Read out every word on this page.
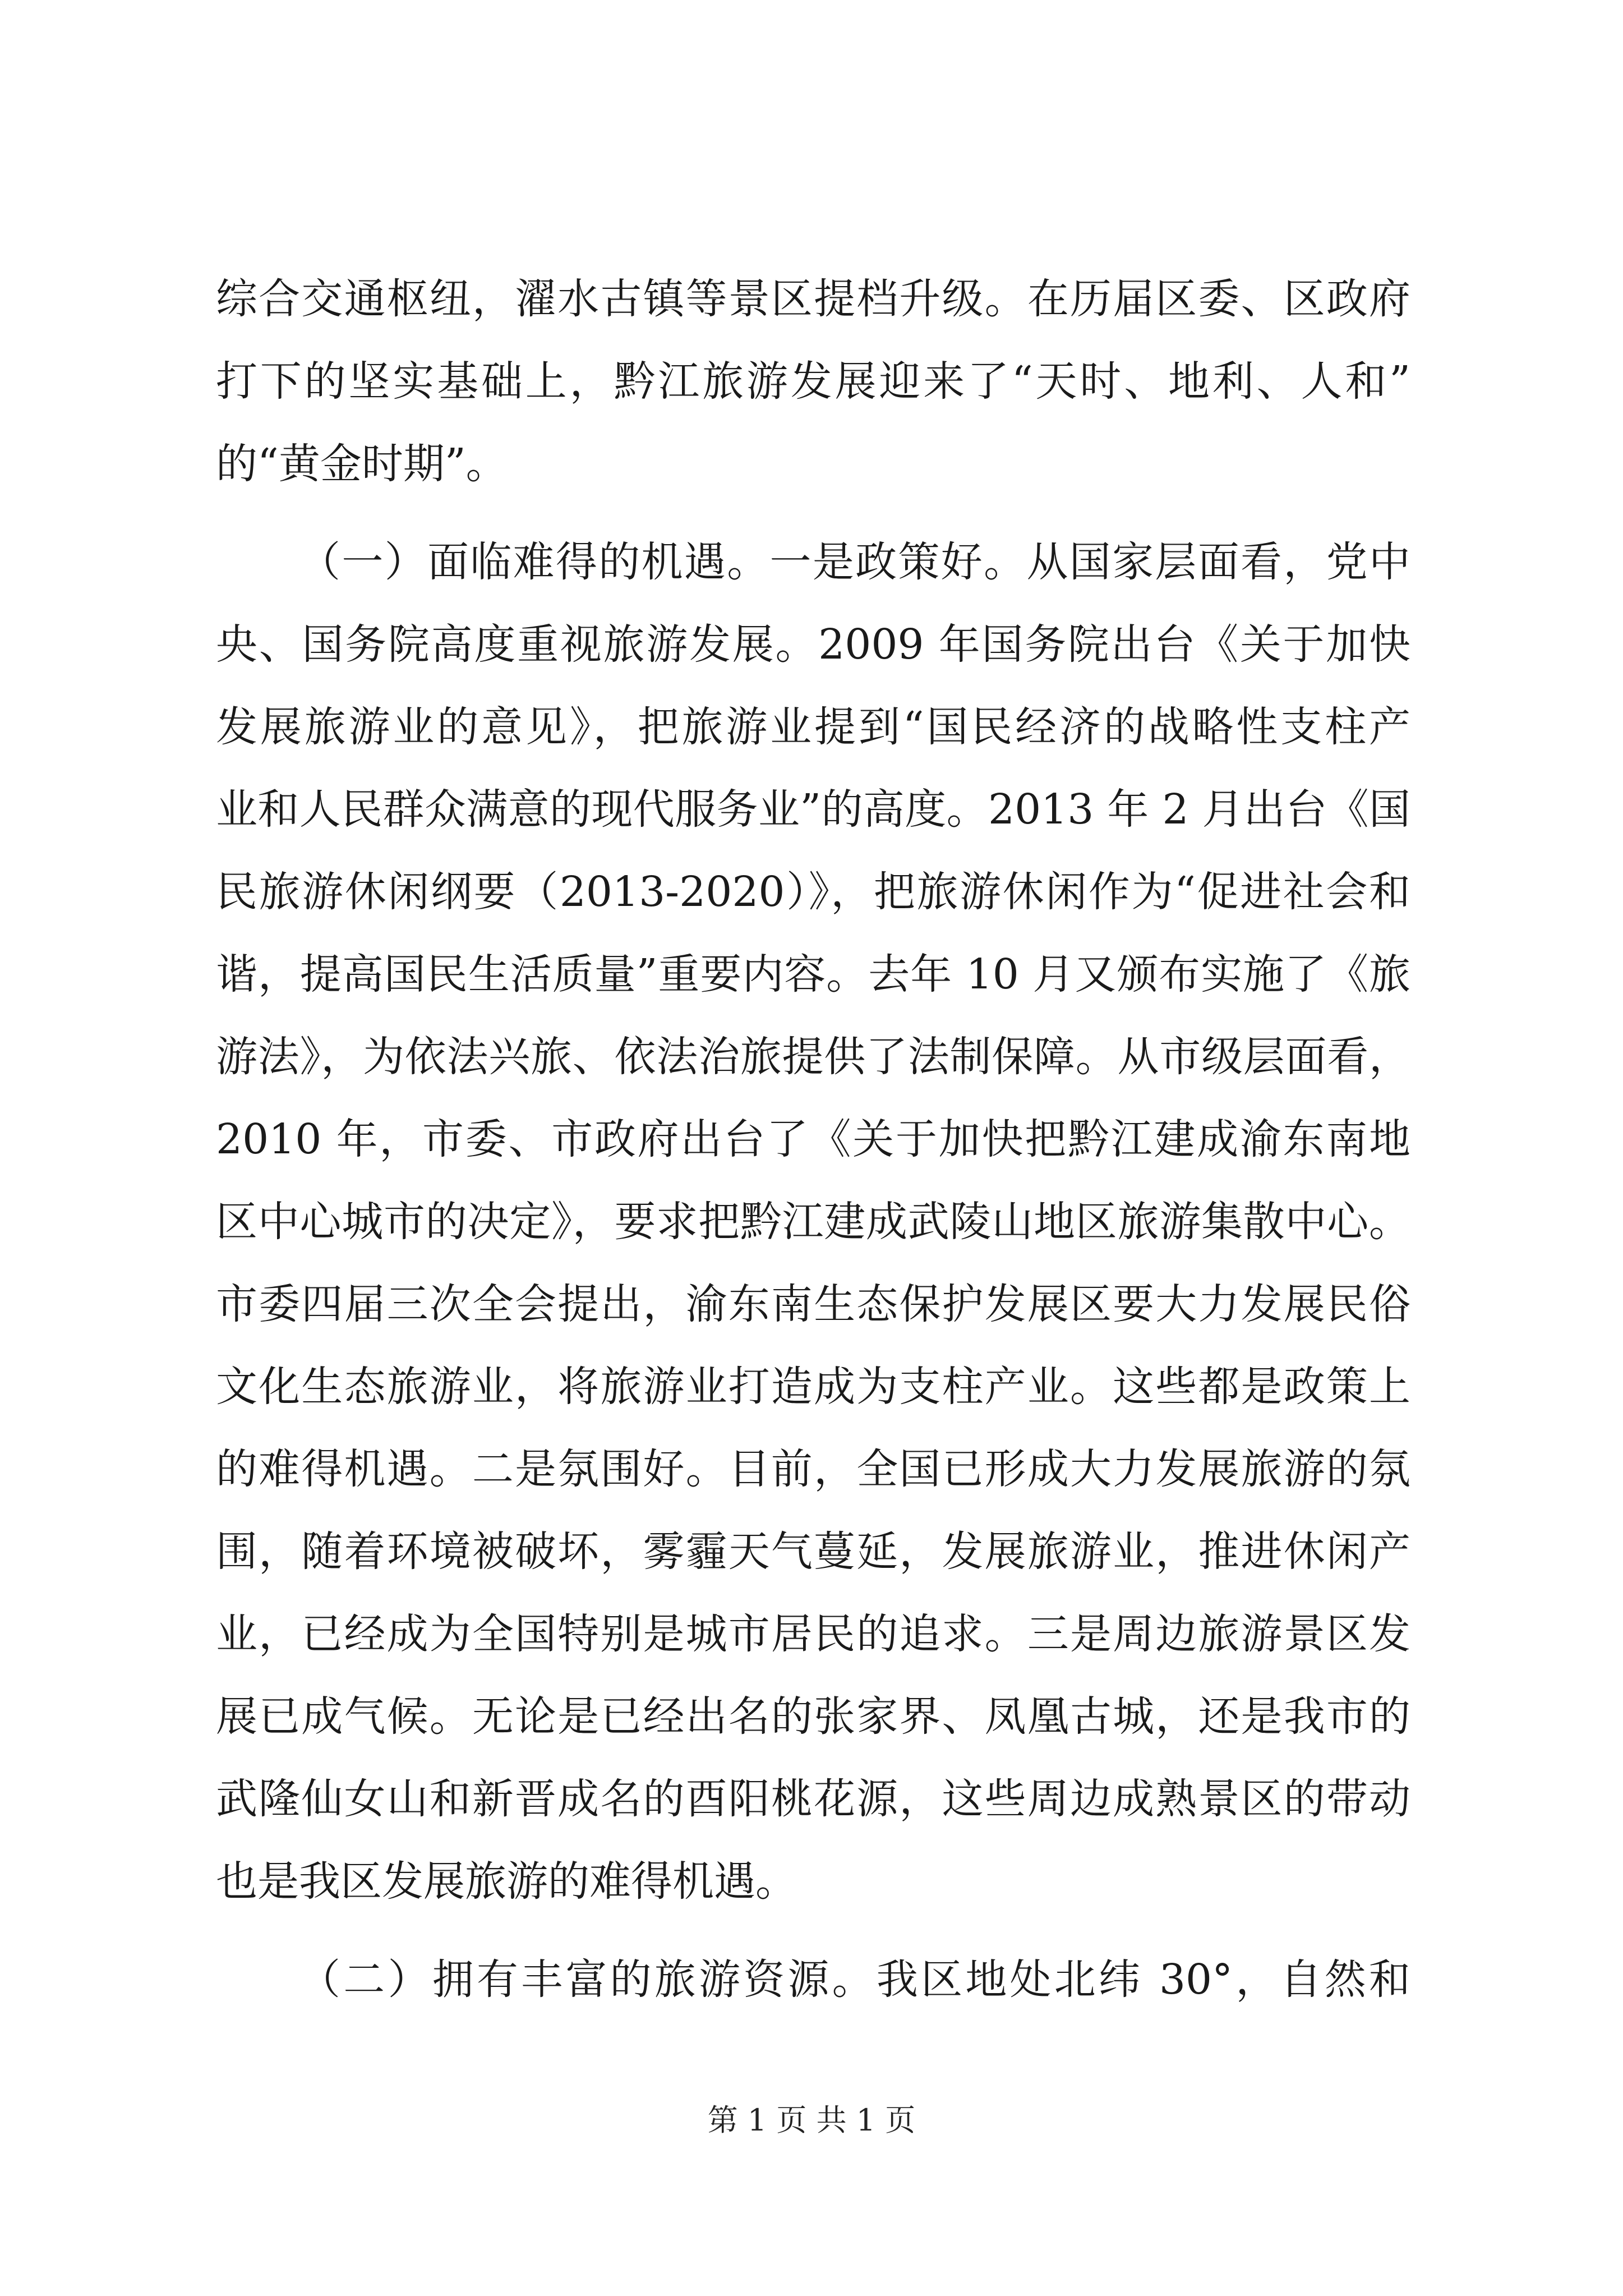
综合交通枢纽，濯水古镇等景区提档升级。在历届区委、区政府
打下的坚实基础上，黔江旅游发展迎来了“天时、地利、人和”
的“黄金时期”。
（一）面临难得的机遇。一是政策好。从国家层面看，党中
央、国务院高度重视旅游发展。2009 年国务院出台《关于加快
发展旅游业的意见》，把旅游业提到“国民经济的战略性支柱产
业和人民群众满意的现代服务业”的高度。2013 年 2 月出台《国
民旅游休闲纲要（2013-2020）》，把旅游休闲作为“促进社会和
谐，提高国民生活质量”重要内容。去年 10 月又颁布实施了《旅
游法》，为依法兴旅、依法治旅提供了法制保障。从市级层面看，
2010 年，市委、市政府出台了《关于加快把黔江建成渝东南地
区中心城市的决定》，要求把黔江建成武陵山地区旅游集散中心。
市委四届三次全会提出，渝东南生态保护发展区要大力发展民俗
文化生态旅游业，将旅游业打造成为支柱产业。这些都是政策上
的难得机遇。二是氛围好。目前，全国已形成大力发展旅游的氛
围，随着环境被破坏，雾霾天气蔓延，发展旅游业，推进休闲产
业，已经成为全国特别是城市居民的追求。三是周边旅游景区发
展已成气候。无论是已经出名的张家界、凤凰古城，还是我市的
武隆仙女山和新晋成名的酉阳桃花源，这些周边成熟景区的带动
也是我区发展旅游的难得机遇。
（二）拥有丰富的旅游资源。我区地处北纬 30°，自然和
第 1 页 共 1 页
